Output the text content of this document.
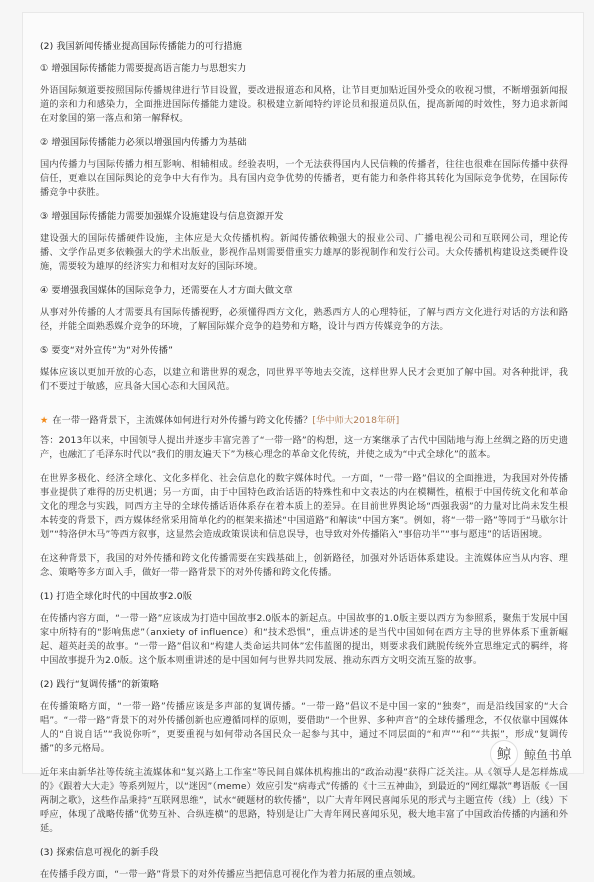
(2) 我国新闻传播业提高国际传播能力的可行措施
① 增强国际传播能力需要提高语言能力与思想实力
外语国际频道要按照国际传播规律进行节目设置，要改进报道态和风格，让节目更加贴近国外受众的收视习惯，不断增强新闻报道的亲和力和感染力，全面推进国际传播能力建设。积极建立新闻特约评论员和报道员队伍，提高新闻的时效性，努力追求新闻在对象国的第一落点和第一解释权。
② 增强国际传播能力必须以增强国内传播力为基础
国内传播力与国际传播力相互影响、相辅相成。经验表明，一个无法获得国内人民信赖的传播者，往往也很难在国际传播中获得信任，更难以在国际舆论的竞争中大有作为。具有国内竞争优势的传播者，更有能力和条件将其转化为国际竞争优势，在国际传播竞争中获胜。
③ 增强国际传播能力需要加强媒介设施建设与信息资源开发
建设强大的国际传播硬件设施，主体应是大众传播机构。新闻传播依赖强大的报业公司、广播电视公司和互联网公司，理论传播、文学作品更多依赖强大的学术出版业，影视作品则需要借重实力雄厚的影视制作和发行公司。大众传播机构建设这类硬件设施，需要较为雄厚的经济实力和相对友好的国际环境。
④ 要增强我国媒体的国际竞争力，还需要在人才方面大做文章
从事对外传播的人才需要具有国际传播视野，必须懂得西方文化，熟悉西方人的心理特征，了解与西方文化进行对话的方法和路径，并能全面熟悉媒介竞争的环境，了解国际媒介竞争的趋势和方略，设计与西方传媒竞争的方法。
⑤ 要变“对外宣传”为“对外传播”
媒体应该以更加开放的心态，以建立和谐世界的观念，同世界平等地去交流，这样世界人民才会更加了解中国。对各种批评，我们不要过于敏感，应具备大国心态和大国风范。
★ 在一带一路背景下，主流媒体如何进行对外传播与跨文化传播？[华中师大2018年研]
答：2013年以来，中国领导人提出并逐步丰富完善了“一带一路”的构想，这一方案继承了古代中国陆地与海上丝绸之路的历史遗产，也融汇了毛泽东时代以“我们的朋友遍天下”为核心理念的革命文化传统，并使之成为“中式全球化”的蓝本。
在世界多极化、经济全球化、文化多样化、社会信息化的数字媒体时代。一方面，“一带一路”倡议的全面推进，为我国对外传播事业提供了难得的历史机遇；另一方面，由于中国特色政治话语的特殊性和中文表达的内在模糊性，植根于中国传统文化和革命文化的理念与实践，同西方主导的全球传播话语体系存在着本质上的差异。在目前世界舆论场“西强我弱”的力量对比尚未发生根本转变的背景下，西方媒体经常采用简单化约的框架来描述“中国道路”和解读“中国方案”。例如，将“一带一路”等同于“马歇尔计划”“特洛伊木马”等西方叙事，这显然会造成政策误读和信息误导，也导致对外传播陷入“事倍功半”“事与愿违”的话语困境。
在这种背景下，我国的对外传播和跨文化传播需要在实践基础上，创新路径，加强对外话语体系建设。主流媒体应当从内容、理念、策略等多方面入手，做好一带一路背景下的对外传播和跨文化传播。
(1) 打造全球化时代的中国故事2.0版
在传播内容方面，“一带一路”应该成为打造中国故事2.0版本的新起点。中国故事的1.0版主要以西方为参照系，聚焦于发展中国家中所特有的“影响焦虑”（anxiety of influence）和“技术恐惧”，重点讲述的是当代中国如何在西方主导的世界体系下重新崛起、超英赶美的故事。“一带一路”倡议和“构建人类命运共同体”宏伟蓝图的提出，则要求我们跳脱传统外宣思维定式的羁绊，将中国故事提升为2.0版。这个版本则重讲述的是中国如何与世界共同发展、推动东西方文明交流互鉴的故事。
(2) 践行“复调传播”的新策略
在传播策略方面，“一带一路”传播应该是多声部的复调传播。“一带一路”倡议不是中国一家的“独奏”，而是沿线国家的“大合唱”。“一带一路”背景下的对外传播创新也应遵循同样的原则，要借助“一个世界、多种声音”的全球传播理念，不仅依靠中国媒体人的“自说自话”“我说你听”，更要重视与如何带动各国民众一起参与其中，通过不同层面的“和声”“和”“共振”，形成“复调传播”的多元格局。
近年来由新华社等传统主流媒体和“复兴路上工作室”等民间自媒体机构推出的“政治动漫”获得广泛关注。从《领导人是怎样炼成的》《跟着大大走》等系列短片，以“迷因”（meme）效应引发“病毒式”传播的《十三五神曲》，到最近的“网红爆款”粤语版《一国两制之歌》，这些作品秉持“互联网思维”，试水“硬题材的软传播”，以广大青年网民喜闻乐见的形式与主题宣传（线）上（线）下呼应，体现了战略传播“优势互补、合纵连横”的思路，特别是让广大青年网民喜闻乐见，极大地丰富了中国政治传播的内涵和外延。
(3) 探索信息可视化的新手段
在传播手段方面，“一带一路”背景下的对外传播应当把信息可视化作为着力拓展的重点领域。
鲸	鲸鱼书单
